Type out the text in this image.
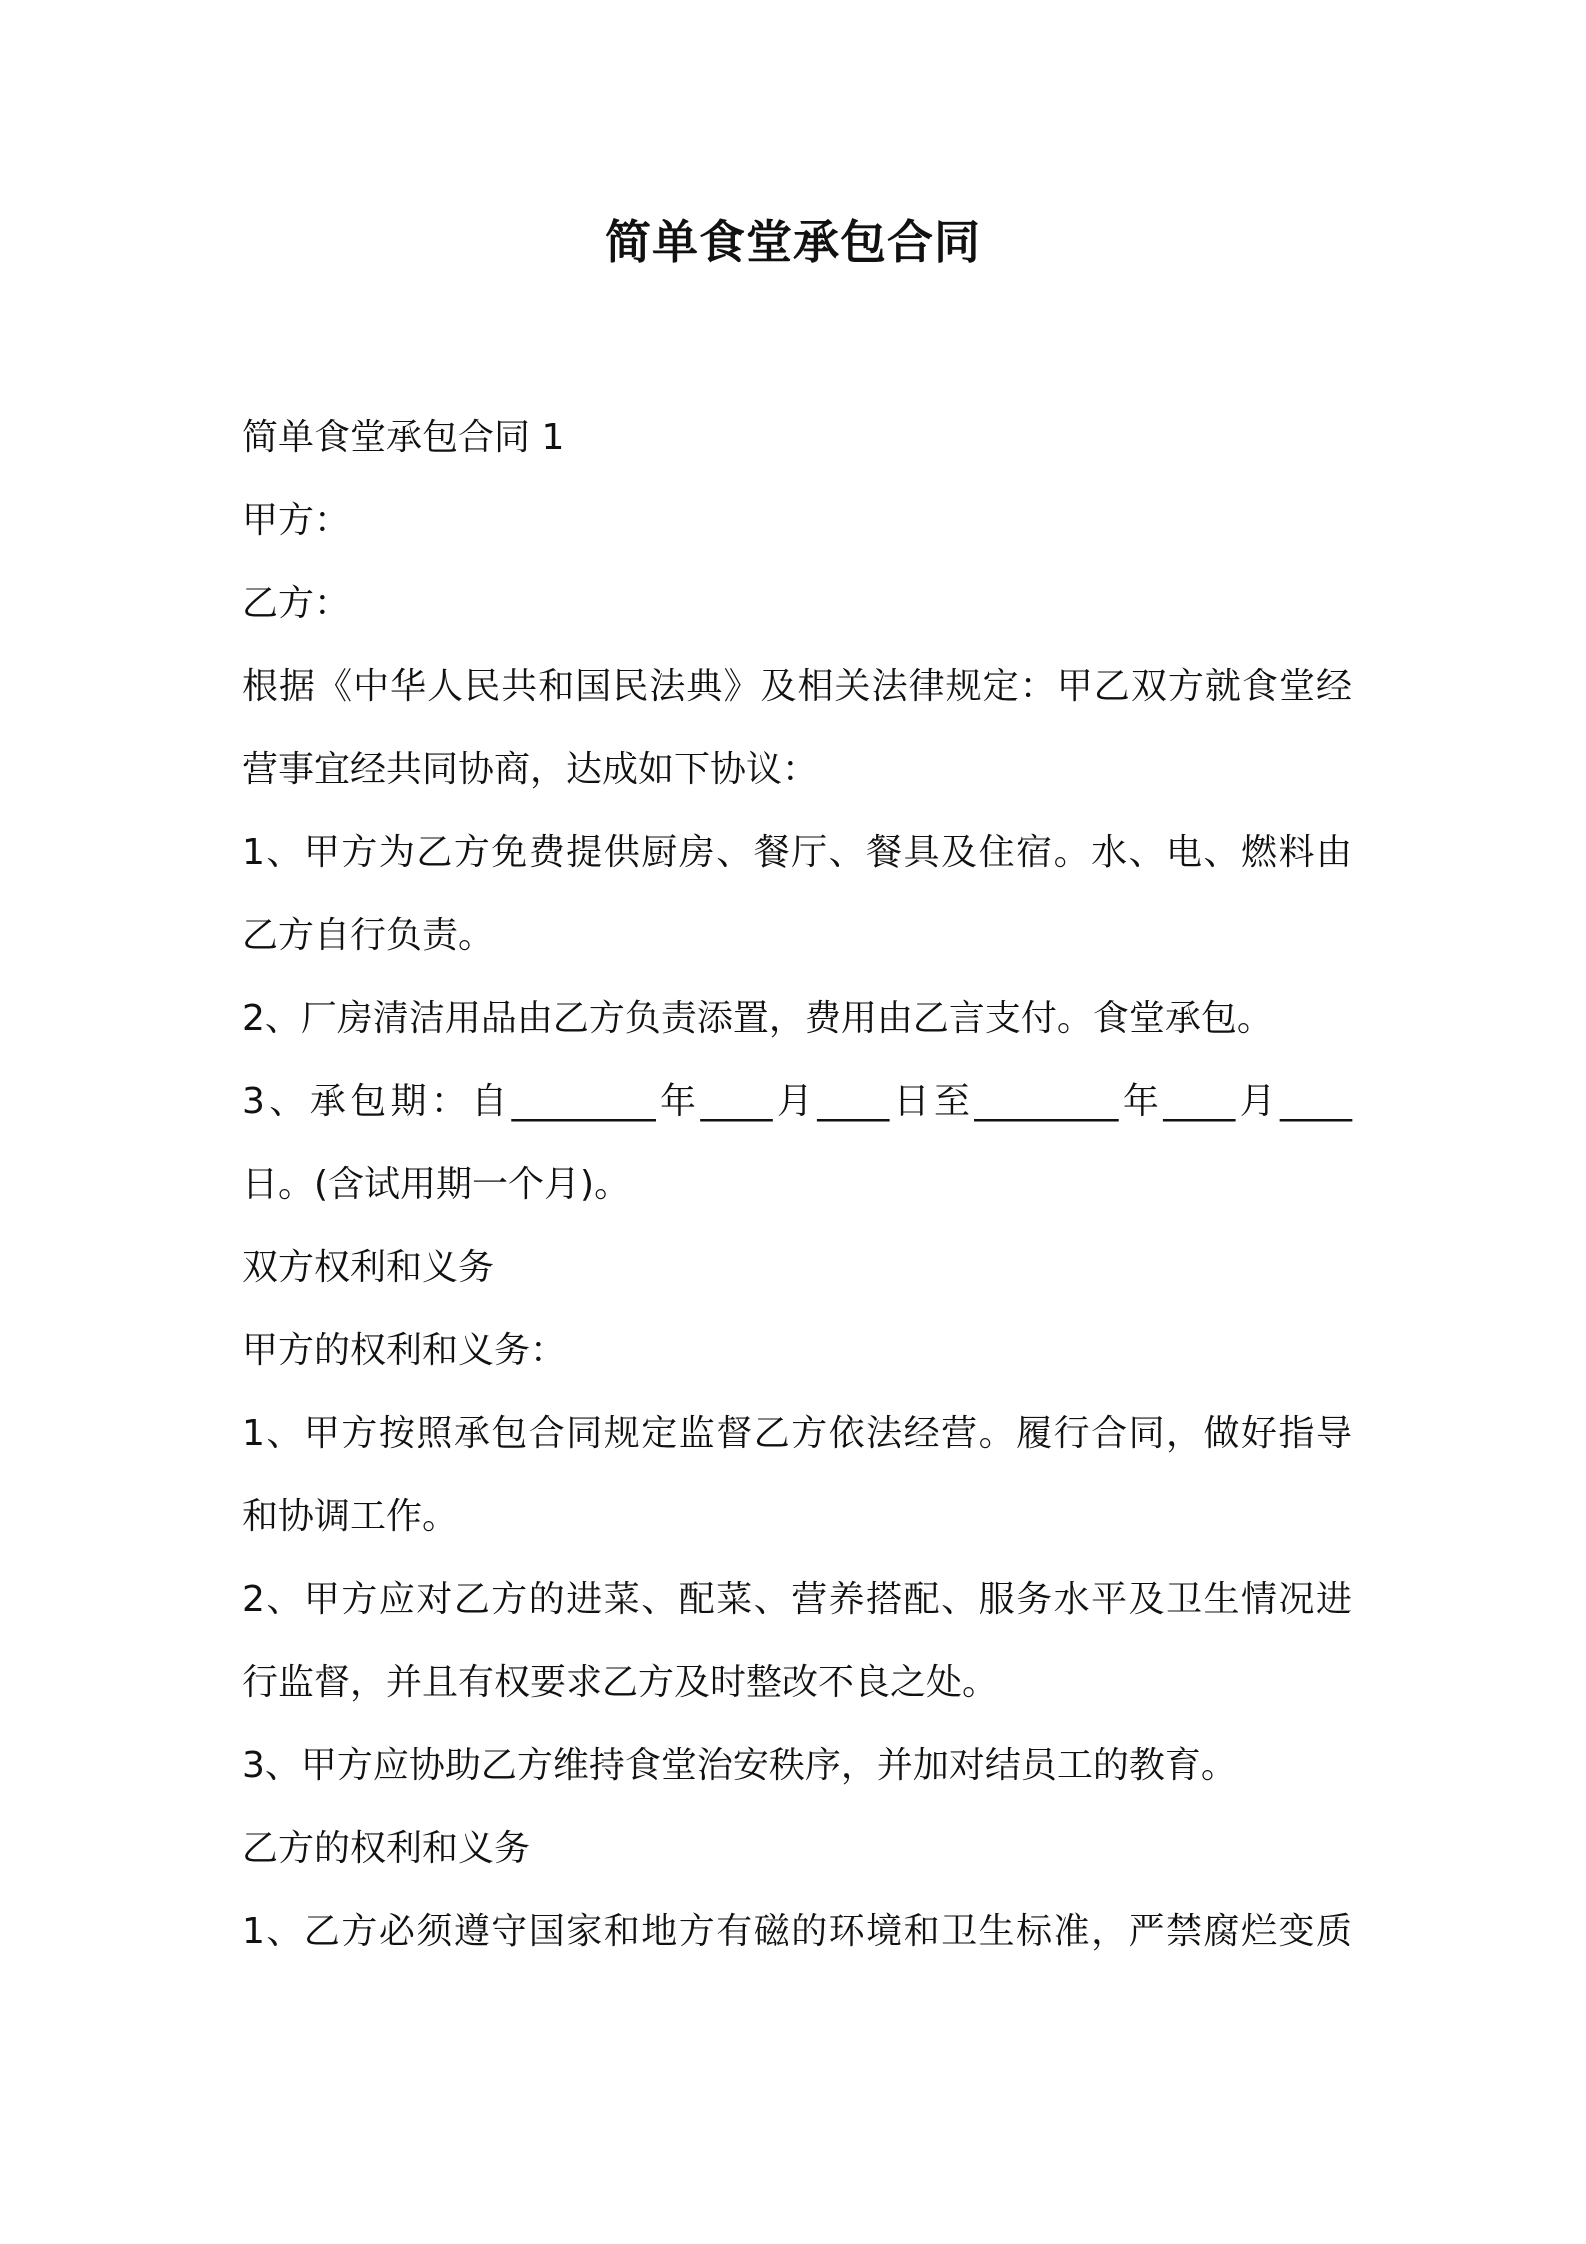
简单食堂承包合同
简单食堂承包合同 1
甲方：
乙方：
根据《中华人民共和国民法典》及相关法律规定：甲乙双方就食堂经
营事宜经共同协商，达成如下协议：
1、甲方为乙方免费提供厨房、餐厅、餐具及住宿。水、电、燃料由
乙方自行负责。
2、厂房清洁用品由乙方负责添置，费用由乙言支付。食堂承包。
3、承包期：自________年____月____日至________年____月____
日。(含试用期一个月)。
双方权利和义务
甲方的权利和义务：
1、甲方按照承包合同规定监督乙方依法经营。履行合同，做好指导
和协调工作。
2、甲方应对乙方的进菜、配菜、营养搭配、服务水平及卫生情况进
行监督，并且有权要求乙方及时整改不良之处。
3、甲方应协助乙方维持食堂治安秩序，并加对结员工的教育。
乙方的权利和义务
1、乙方必须遵守国家和地方有磁的环境和卫生标准，严禁腐烂变质
